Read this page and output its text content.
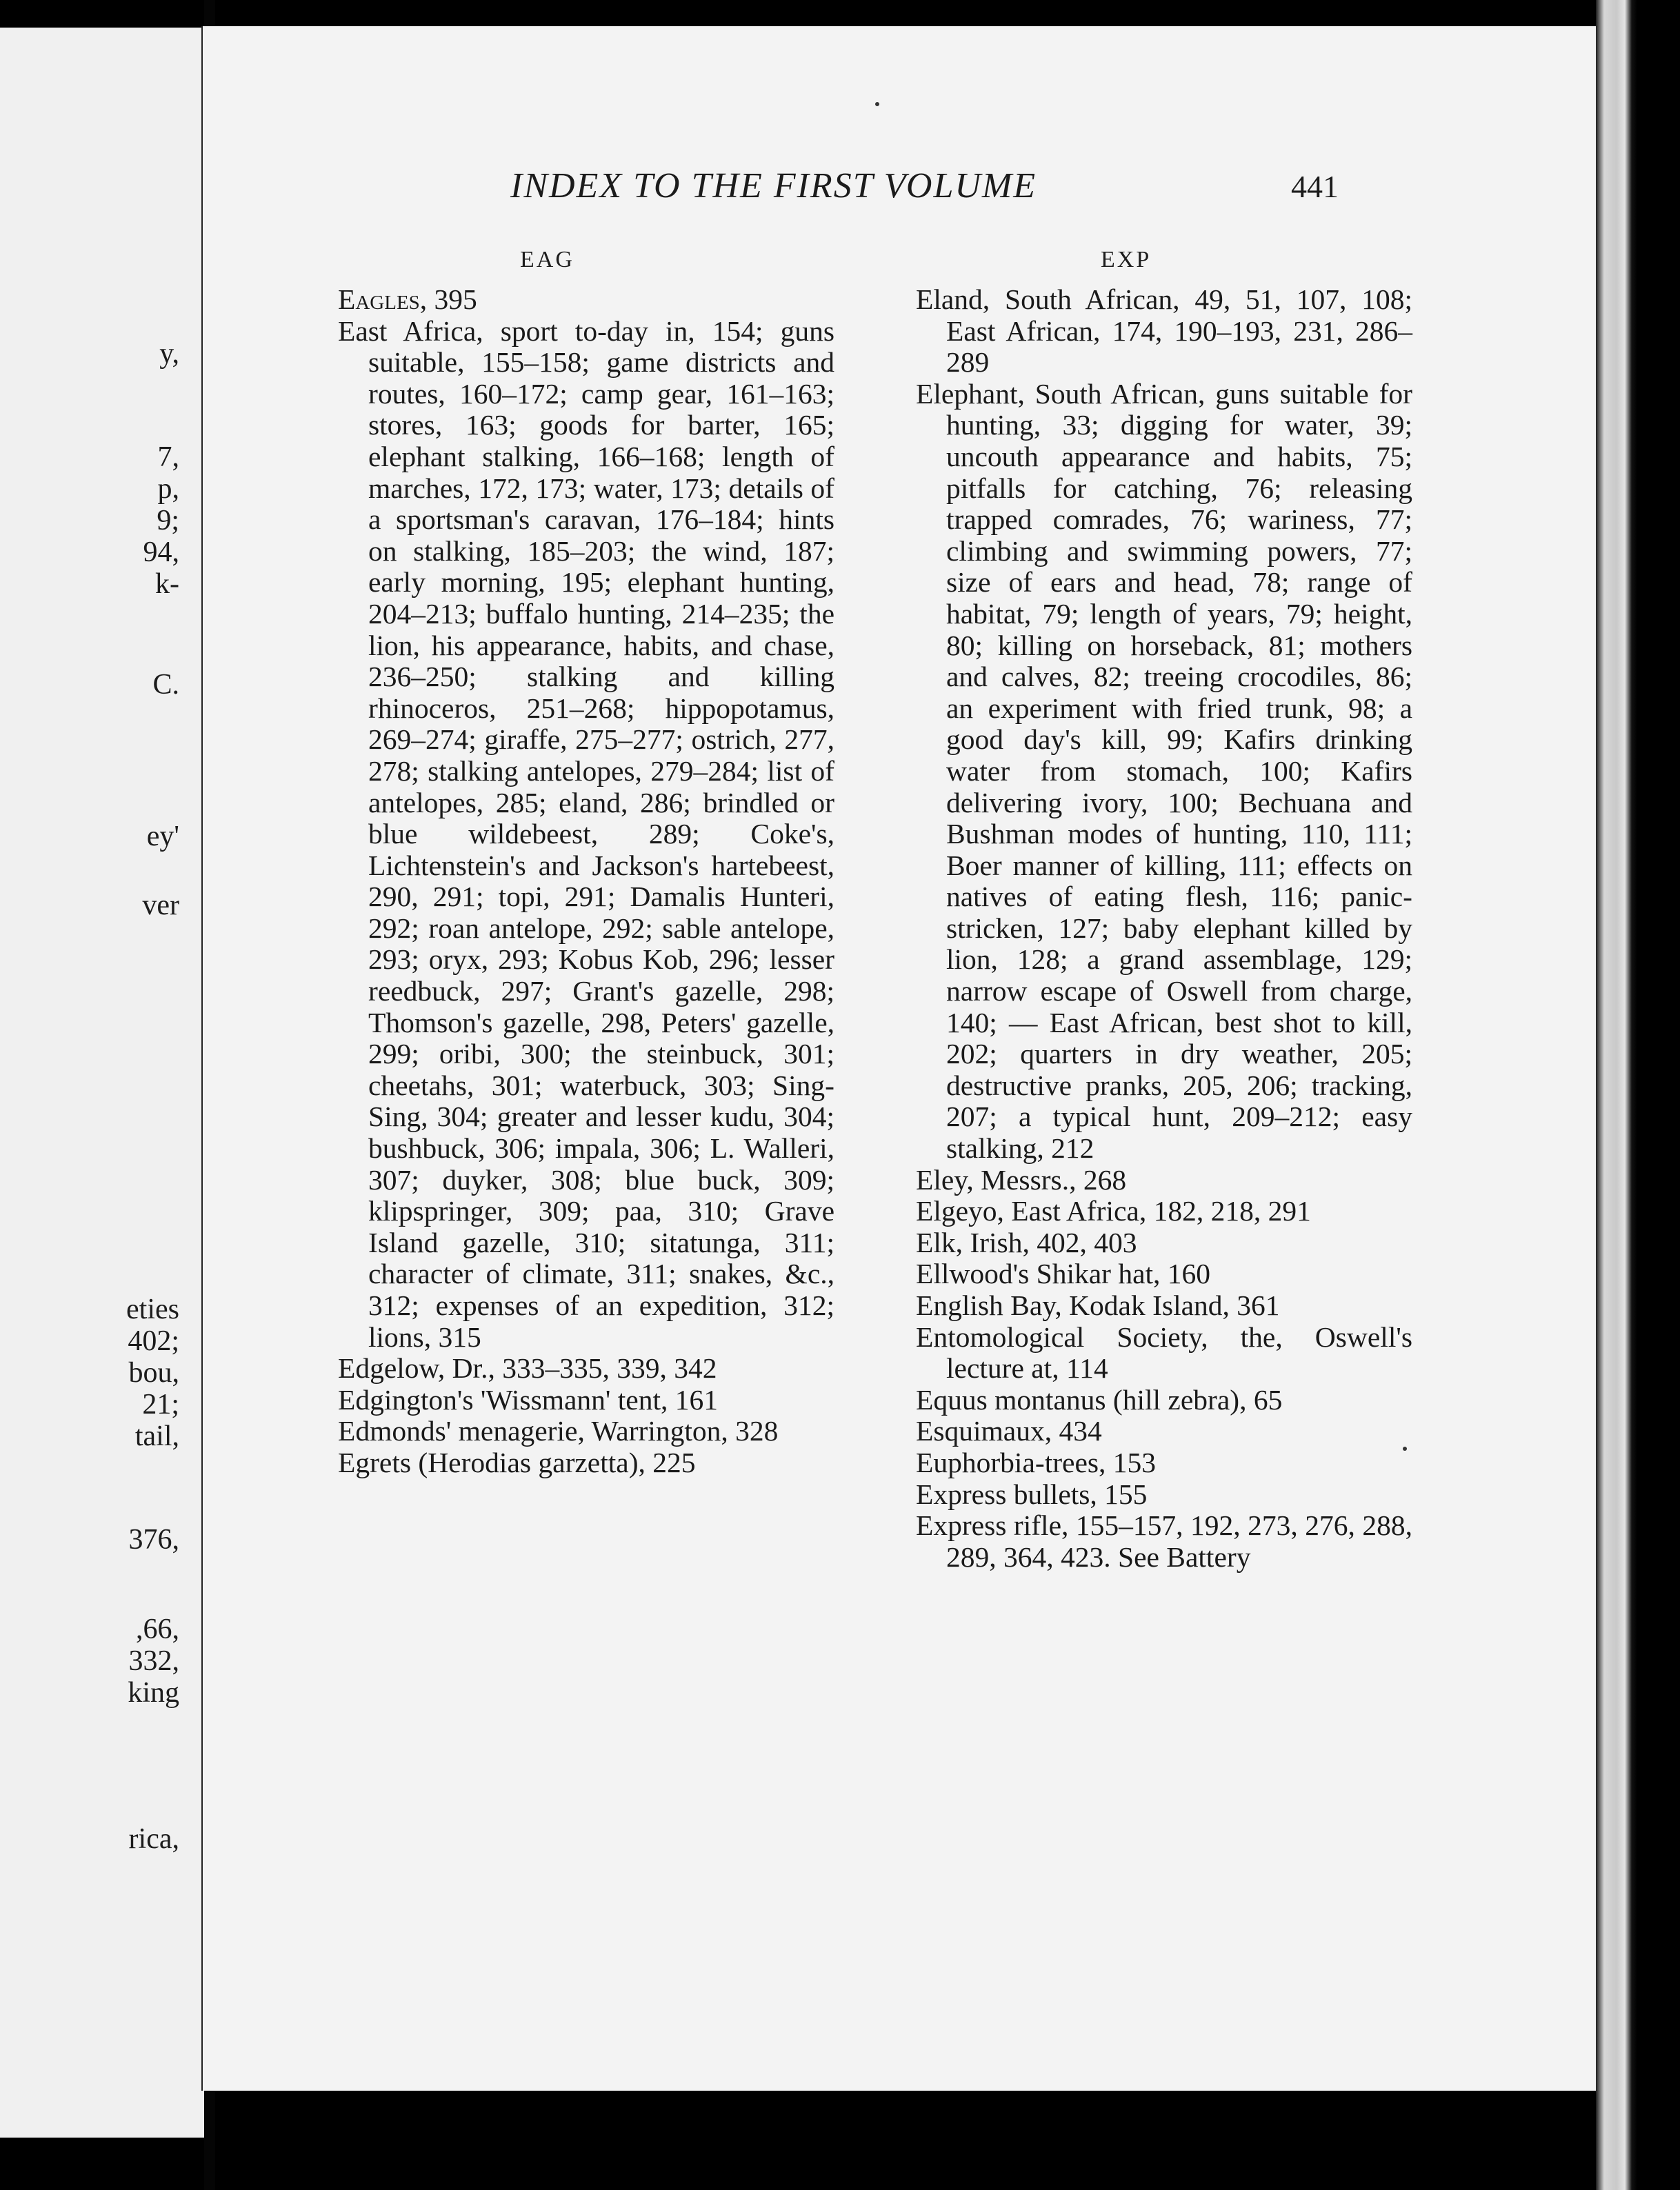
y,
7,
p,
9;
94,
k-
C.
ey'
ver
eties
402;
bou,
21;
tail,
376,
,66,
332,
king
rica,
INDEX TO THE FIRST VOLUME	441
EAG	EXP

Eagles, 395

East Africa, sport to-day in, 154; guns suitable, 155–158; game districts and routes, 160–172; camp gear, 161–163; stores, 163; goods for barter, 165; elephant stalking, 166–168; length of marches, 172, 173; water, 173; details of a sportsman's caravan, 176–184; hints on stalking, 185–203; the wind, 187; early morning, 195; elephant hunting, 204–213; buffalo hunting, 214–235; the lion, his appearance, habits, and chase, 236–250; stalking and killing rhinoceros, 251–268; hippopotamus, 269–274; giraffe, 275–277; ostrich, 277, 278; stalking antelopes, 279–284; list of antelopes, 285; eland, 286; brindled or blue wildebeest, 289; Coke's, Lichtenstein's and Jackson's hartebeest, 290, 291; topi, 291; Damalis Hunteri, 292; roan antelope, 292; sable antelope, 293; oryx, 293; Kobus Kob, 296; lesser reedbuck, 297; Grant's gazelle, 298; Thomson's gazelle, 298, Peters' gazelle, 299; oribi, 300; the steinbuck, 301; cheetahs, 301; waterbuck, 303; Sing-Sing, 304; greater and lesser kudu, 304; bushbuck, 306; impala, 306; L. Walleri, 307; duyker, 308; blue buck, 309; klipspringer, 309; paa, 310; Grave Island gazelle, 310; sitatunga, 311; character of climate, 311; snakes, &c., 312; expenses of an expedition, 312; lions, 315

Edgelow, Dr., 333–335, 339, 342

Edgington's 'Wissmann' tent, 161

Edmonds' menagerie, Warrington, 328

Egrets (Herodias garzetta), 225

Eland, South African, 49, 51, 107, 108; East African, 174, 190–193, 231, 286–289

Elephant, South African, guns suitable for hunting, 33; digging for water, 39; uncouth appearance and habits, 75; pitfalls for catching, 76; releasing trapped comrades, 76; wariness, 77; climbing and swimming powers, 77; size of ears and head, 78; range of habitat, 79; length of years, 79; height, 80; killing on horseback, 81; mothers and calves, 82; treeing crocodiles, 86; an experiment with fried trunk, 98; a good day's kill, 99; Kafirs drinking water from stomach, 100; Kafirs delivering ivory, 100; Bechuana and Bushman modes of hunting, 110, 111; Boer manner of killing, 111; effects on natives of eating flesh, 116; panic-stricken, 127; baby elephant killed by lion, 128; a grand assemblage, 129; narrow escape of Oswell from charge, 140; — East African, best shot to kill, 202; quarters in dry weather, 205; destructive pranks, 205, 206; tracking, 207; a typical hunt, 209–212; easy stalking, 212

Eley, Messrs., 268

Elgeyo, East Africa, 182, 218, 291

Elk, Irish, 402, 403

Ellwood's Shikar hat, 160

English Bay, Kodak Island, 361

Entomological Society, the, Oswell's lecture at, 114

Equus montanus (hill zebra), 65

Esquimaux, 434

Euphorbia-trees, 153

Express bullets, 155

Express rifle, 155–157, 192, 273, 276, 288, 289, 364, 423. See Battery
